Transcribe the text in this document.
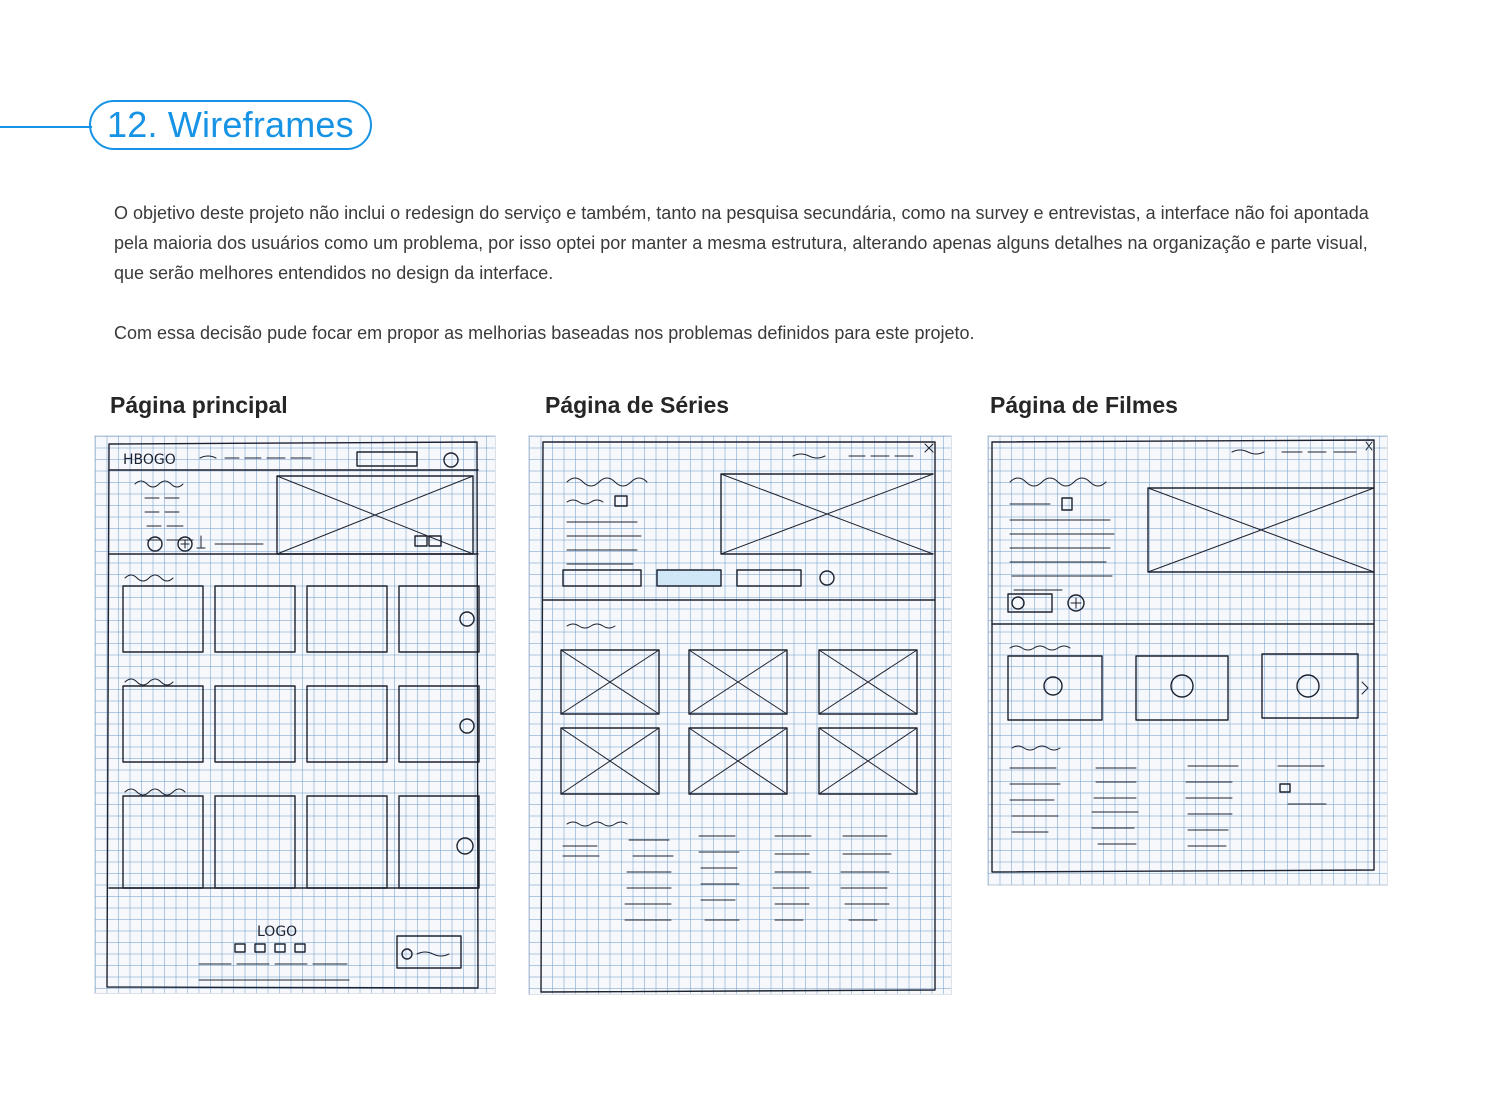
12. Wireframes

O objetivo deste projeto não inclui o redesign do serviço e também, tanto na pesquisa secundária, como na survey e entrevistas, a interface não foi apontada pela maioria dos usuários como um problema, por isso optei por manter a mesma estrutura, alterando apenas alguns detalhes na organização e parte visual, que serão melhores entendidos no design da interface.

Com essa decisão pude focar em propor as melhorias baseadas nos problemas definidos para este projeto.

Página principal
HBOGO
LOGO
Página de Séries	Página de Filmes
